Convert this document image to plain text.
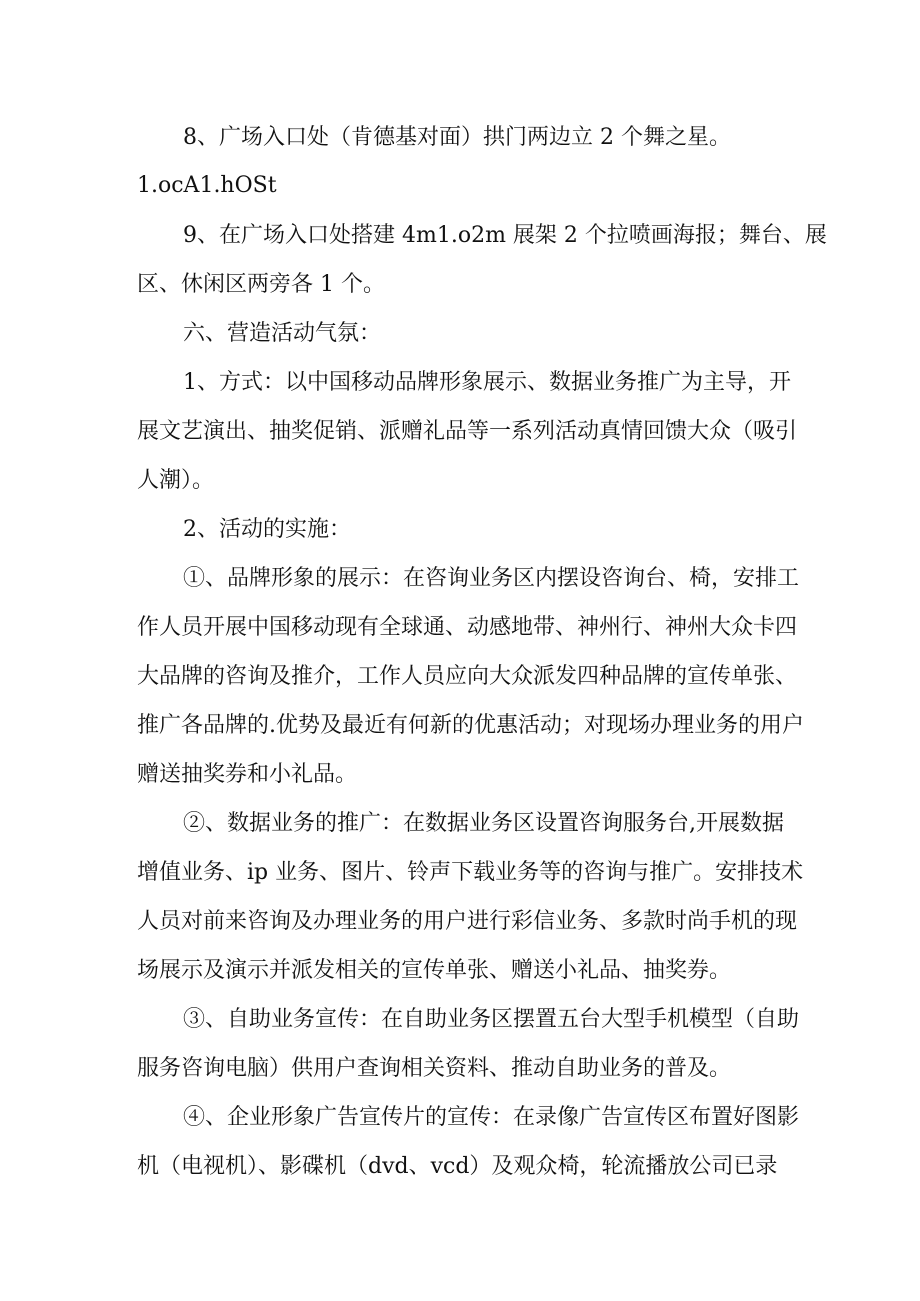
8、广场入口处（肯德基对面）拱门两边立 2 个舞之星。
1.ocA1.hOSt
9、在广场入口处搭建 4m1.o2m 展架 2 个拉喷画海报；舞台、展
区、休闲区两旁各 1 个。
六、营造活动气氛：
1、方式：以中国移动品牌形象展示、数据业务推广为主导，开
展文艺演出、抽奖促销、派赠礼品等一系列活动真情回馈大众（吸引
人潮）。
2、活动的实施：
①、品牌形象的展示：在咨询业务区内摆设咨询台、椅，安排工
作人员开展中国移动现有全球通、动感地带、神州行、神州大众卡四
大品牌的咨询及推介，工作人员应向大众派发四种品牌的宣传单张、
推广各品牌的.优势及最近有何新的优惠活动；对现场办理业务的用户
赠送抽奖券和小礼品。
②、数据业务的推广：在数据业务区设置咨询服务台,开展数据
增值业务、ip 业务、图片、铃声下载业务等的咨询与推广。安排技术
人员对前来咨询及办理业务的用户进行彩信业务、多款时尚手机的现
场展示及演示并派发相关的宣传单张、赠送小礼品、抽奖券。
③、自助业务宣传：在自助业务区摆置五台大型手机模型（自助
服务咨询电脑）供用户查询相关资料、推动自助业务的普及。
④、企业形象广告宣传片的宣传：在录像广告宣传区布置好图影
机（电视机）、影碟机（dvd、vcd）及观众椅，轮流播放公司已录
